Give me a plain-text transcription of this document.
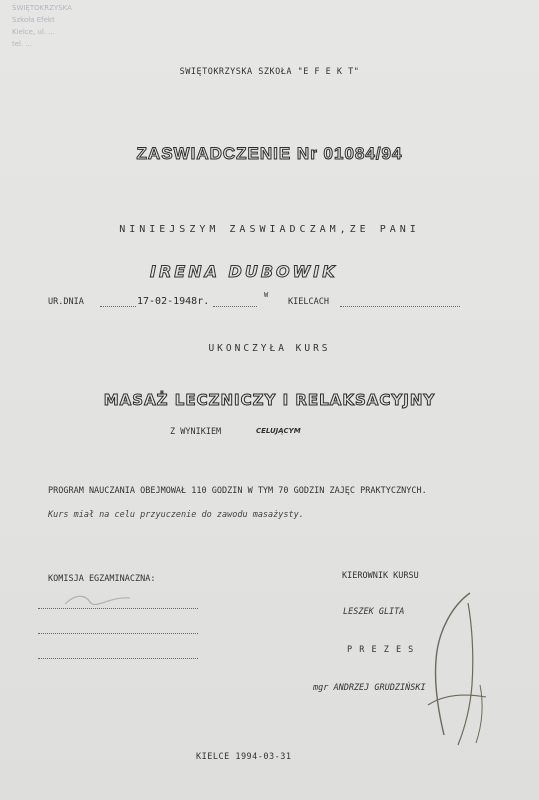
ŚWIĘTOKRZYSKA
Szkoła Efekt
Kielce, ul. ...
tel. ...
SWIĘTOKRZYSKA SZKOŁA "E F E K T"
ZASWIADCZENIE Nr 01084/94
NINIEJSZYM ZASWIADCZAM,ZE PANI
IRENA DUBOWIK
UR.DNIA	17-02-1948r.
W
KIELCACH
UKONCZYŁA KURS
MASAŻ LECZNICZY I RELAKSACYJNY
Z WYNIKIEM	CELUJĄCYM
PROGRAM NAUCZANIA OBEJMOWAŁ 110 GODZIN W TYM 70 GODZIN ZAJĘC PRAKTYCZNYCH.
Kurs miał na celu przyuczenie do zawodu masażysty.
KOMISJA EGZAMINACZNA:	KIEROWNIK KURSU
LESZEK GLITA
P R E Z E S
mgr ANDRZEJ GRUDZIŃSKI
KIELCE 1994-03-31
